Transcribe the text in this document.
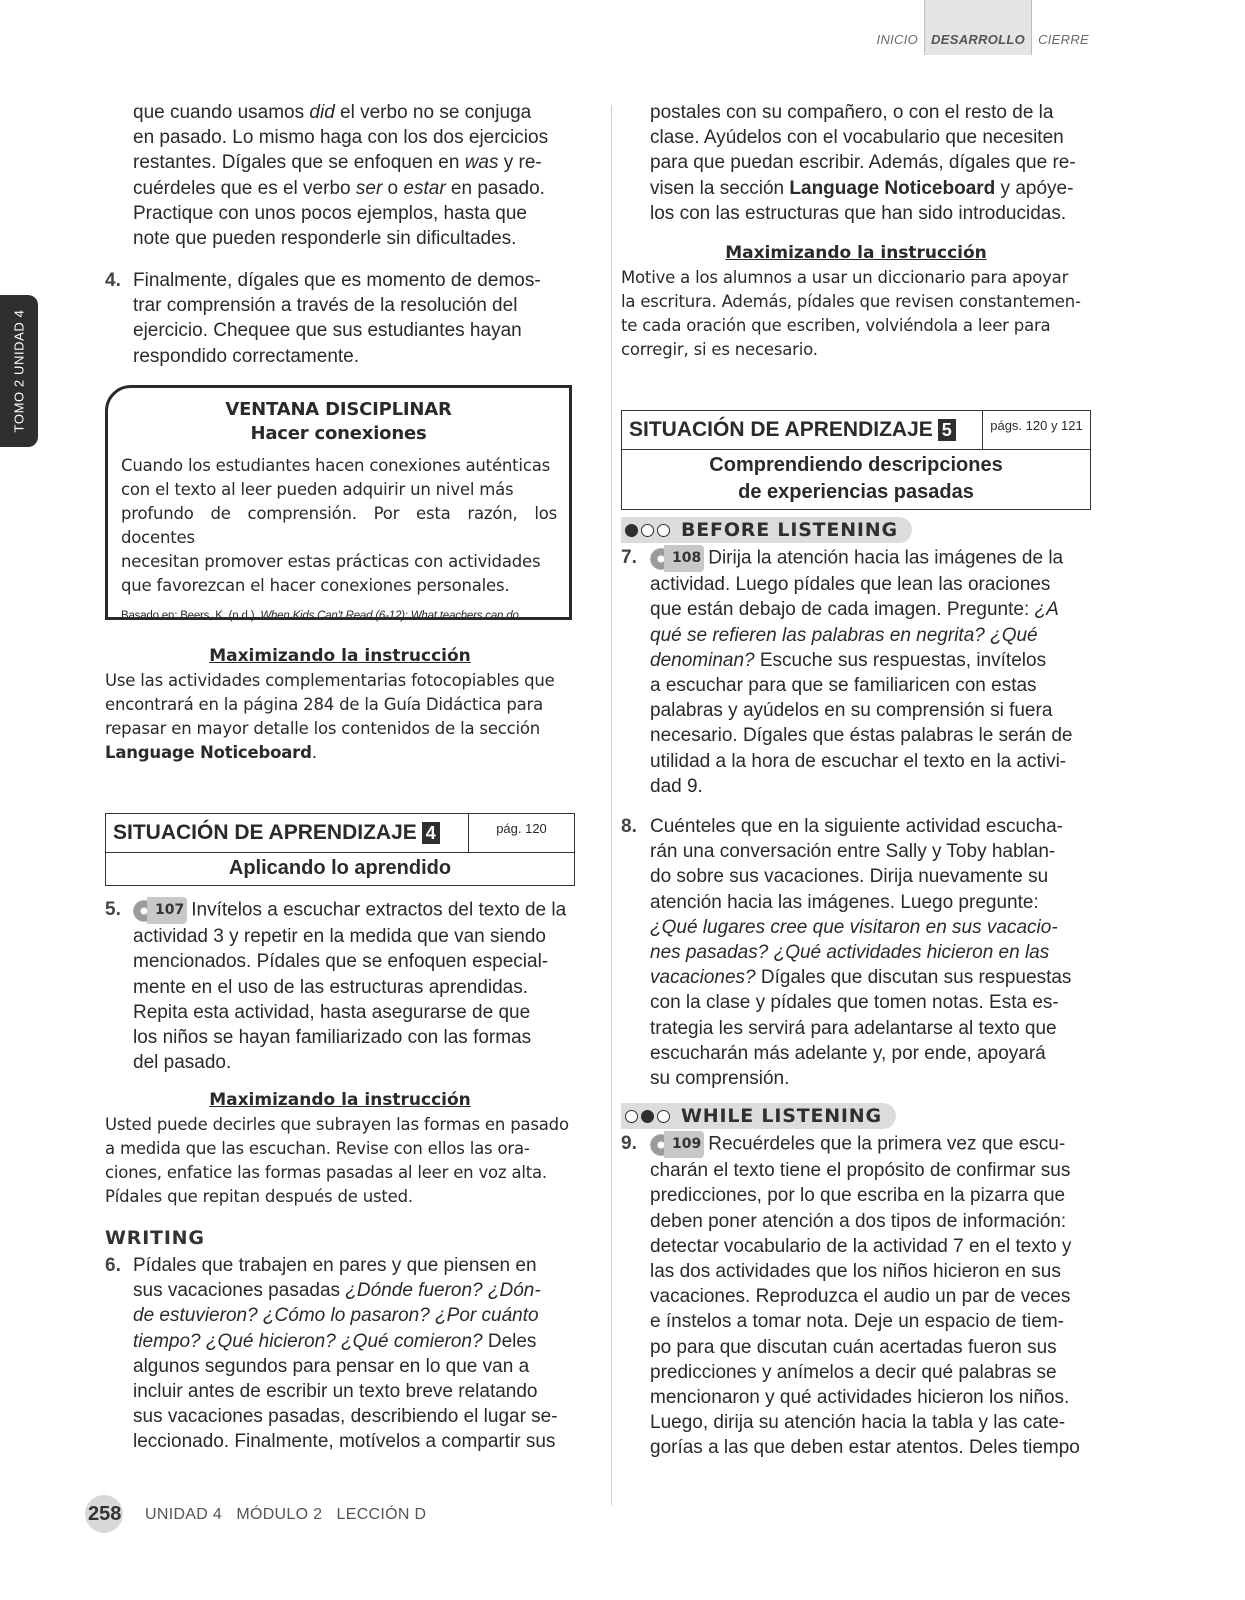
INICIO	DESARROLLO	CIERRE
TOMO 2 UNIDAD 4
que cuando usamos did el verbo no se conjuga
en pasado. Lo mismo haga con los dos ejercicios
restantes. Dígales que se enfoquen en was y re-
cuérdeles que es el verbo ser o estar en pasado.
Practique con unos pocos ejemplos, hasta que
note que pueden responderle sin dificultades.
4. Finalmente, dígales que es momento de demos-
trar comprensión a través de la resolución del
ejercicio. Chequee que sus estudiantes hayan
respondido correctamente.
VENTANA DISCIPLINAR
Hacer conexiones
Cuando los estudiantes hacen conexiones auténticas
con el texto al leer pueden adquirir un nivel más
profundo de comprensión. Por esta razón, los docentes
necesitan promover estas prácticas con actividades
que favorezcan el hacer conexiones personales.
Basado en: Beers, K. (n.d.). When Kids Can't Read (6-12): What teachers can do.
Maximizando la instrucción
Use las actividades complementarias fotocopiables que
encontrará en la página 284 de la Guía Didáctica para
repasar en mayor detalle los contenidos de la sección
Language Noticeboard.
SITUACIÓN DE APRENDIZAJE 4	pág. 120
Aplicando lo aprendido
5.	107 Invítelos a escuchar extractos del texto de la
actividad 3 y repetir en la medida que van siendo
mencionados. Pídales que se enfoquen especial-
mente en el uso de las estructuras aprendidas.
Repita esta actividad, hasta asegurarse de que
los niños se hayan familiarizado con las formas
del pasado.
Maximizando la instrucción
Usted puede decirles que subrayen las formas en pasado
a medida que las escuchan. Revise con ellos las ora-
ciones, enfatice las formas pasadas al leer en voz alta.
Pídales que repitan después de usted.
WRITING
6. Pídales que trabajen en pares y que piensen en
sus vacaciones pasadas ¿Dónde fueron? ¿Dón-
de estuvieron? ¿Cómo lo pasaron? ¿Por cuánto
tiempo? ¿Qué hicieron? ¿Qué comieron? Deles
algunos segundos para pensar en lo que van a
incluir antes de escribir un texto breve relatando
sus vacaciones pasadas, describiendo el lugar se-
leccionado. Finalmente, motívelos a compartir sus
postales con su compañero, o con el resto de la
clase. Ayúdelos con el vocabulario que necesiten
para que puedan escribir. Además, dígales que re-
visen la sección Language Noticeboard y apóye-
los con las estructuras que han sido introducidas.
Maximizando la instrucción
Motive a los alumnos a usar un diccionario para apoyar
la escritura. Además, pídales que revisen constantemen-
te cada oración que escriben, volviéndola a leer para
corregir, si es necesario.
SITUACIÓN DE APRENDIZAJE 5	págs. 120 y 121
Comprendiendo descripciones
de experiencias pasadas
BEFORE LISTENING
7.	108 Dirija la atención hacia las imágenes de la
actividad. Luego pídales que lean las oraciones
que están debajo de cada imagen. Pregunte: ¿A
qué se refieren las palabras en negrita? ¿Qué
denominan? Escuche sus respuestas, invítelos
a escuchar para que se familiaricen con estas
palabras y ayúdelos en su comprensión si fuera
necesario. Dígales que éstas palabras le serán de
utilidad a la hora de escuchar el texto en la activi-
dad 9.
8. Cuénteles que en la siguiente actividad escucha-
rán una conversación entre Sally y Toby hablan-
do sobre sus vacaciones. Dirija nuevamente su
atención hacia las imágenes. Luego pregunte:
¿Qué lugares cree que visitaron en sus vacacio-
nes pasadas? ¿Qué actividades hicieron en las
vacaciones? Dígales que discutan sus respuestas
con la clase y pídales que tomen notas. Esta es-
trategia les servirá para adelantarse al texto que
escucharán más adelante y, por ende, apoyará
su comprensión.
WHILE LISTENING
9.	109 Recuérdeles que la primera vez que escu-
charán el texto tiene el propósito de confirmar sus
predicciones, por lo que escriba en la pizarra que
deben poner atención a dos tipos de información:
detectar vocabulario de la actividad 7 en el texto y
las dos actividades que los niños hicieron en sus
vacaciones. Reproduzca el audio un par de veces
e ínstelos a tomar nota. Deje un espacio de tiem-
po para que discutan cuán acertadas fueron sus
predicciones y anímelos a decir qué palabras se
mencionaron y qué actividades hicieron los niños.
Luego, dirija su atención hacia la tabla y las cate-
gorías a las que deben estar atentos. Deles tiempo
258 UNIDAD 4   MÓDULO 2   LECCIÓN D
